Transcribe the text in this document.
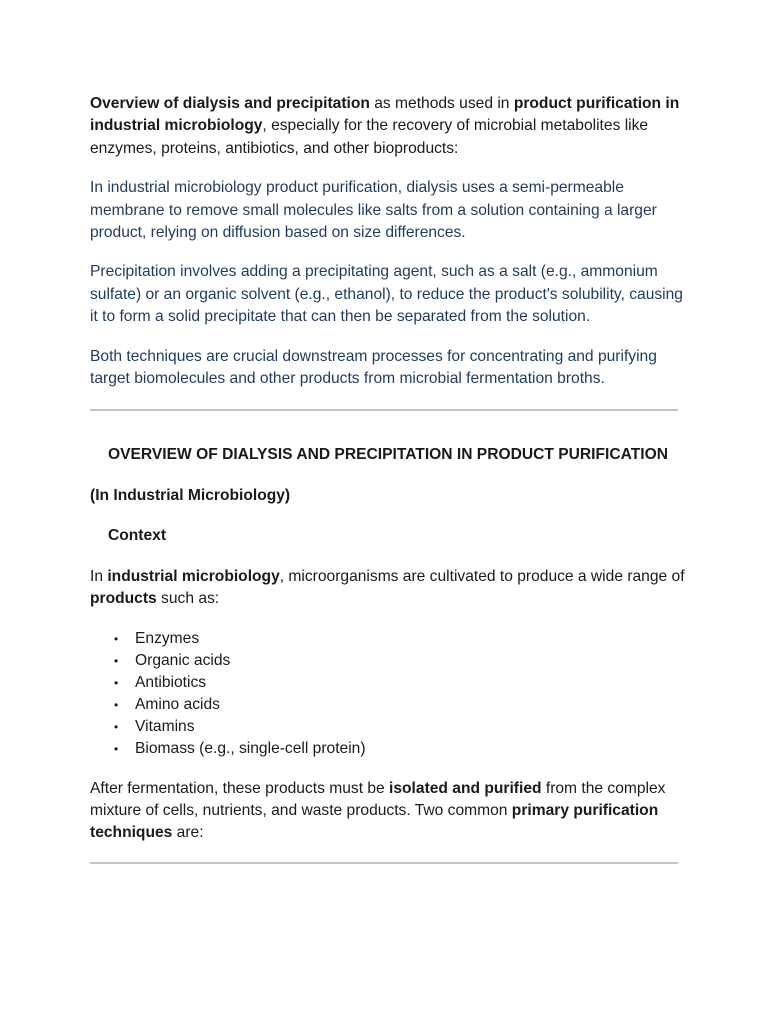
Overview of dialysis and precipitation as methods used in product purification in industrial microbiology, especially for the recovery of microbial metabolites like enzymes, proteins, antibiotics, and other bioproducts:

In industrial microbiology product purification, dialysis uses a semi-permeable membrane to remove small molecules like salts from a solution containing a larger product, relying on diffusion based on size differences.

Precipitation involves adding a precipitating agent, such as a salt (e.g., ammonium sulfate) or an organic solvent (e.g., ethanol), to reduce the product's solubility, causing it to form a solid precipitate that can then be separated from the solution.

Both techniques are crucial downstream processes for concentrating and purifying target biomolecules and other products from microbial fermentation broths.

OVERVIEW OF DIALYSIS AND PRECIPITATION IN PRODUCT PURIFICATION

(In Industrial Microbiology)

Context

In industrial microbiology, microorganisms are cultivated to produce a wide range of products such as:

• Enzymes
• Organic acids
• Antibiotics
• Amino acids
• Vitamins
• Biomass (e.g., single-cell protein)

After fermentation, these products must be isolated and purified from the complex mixture of cells, nutrients, and waste products. Two common primary purification techniques are:
